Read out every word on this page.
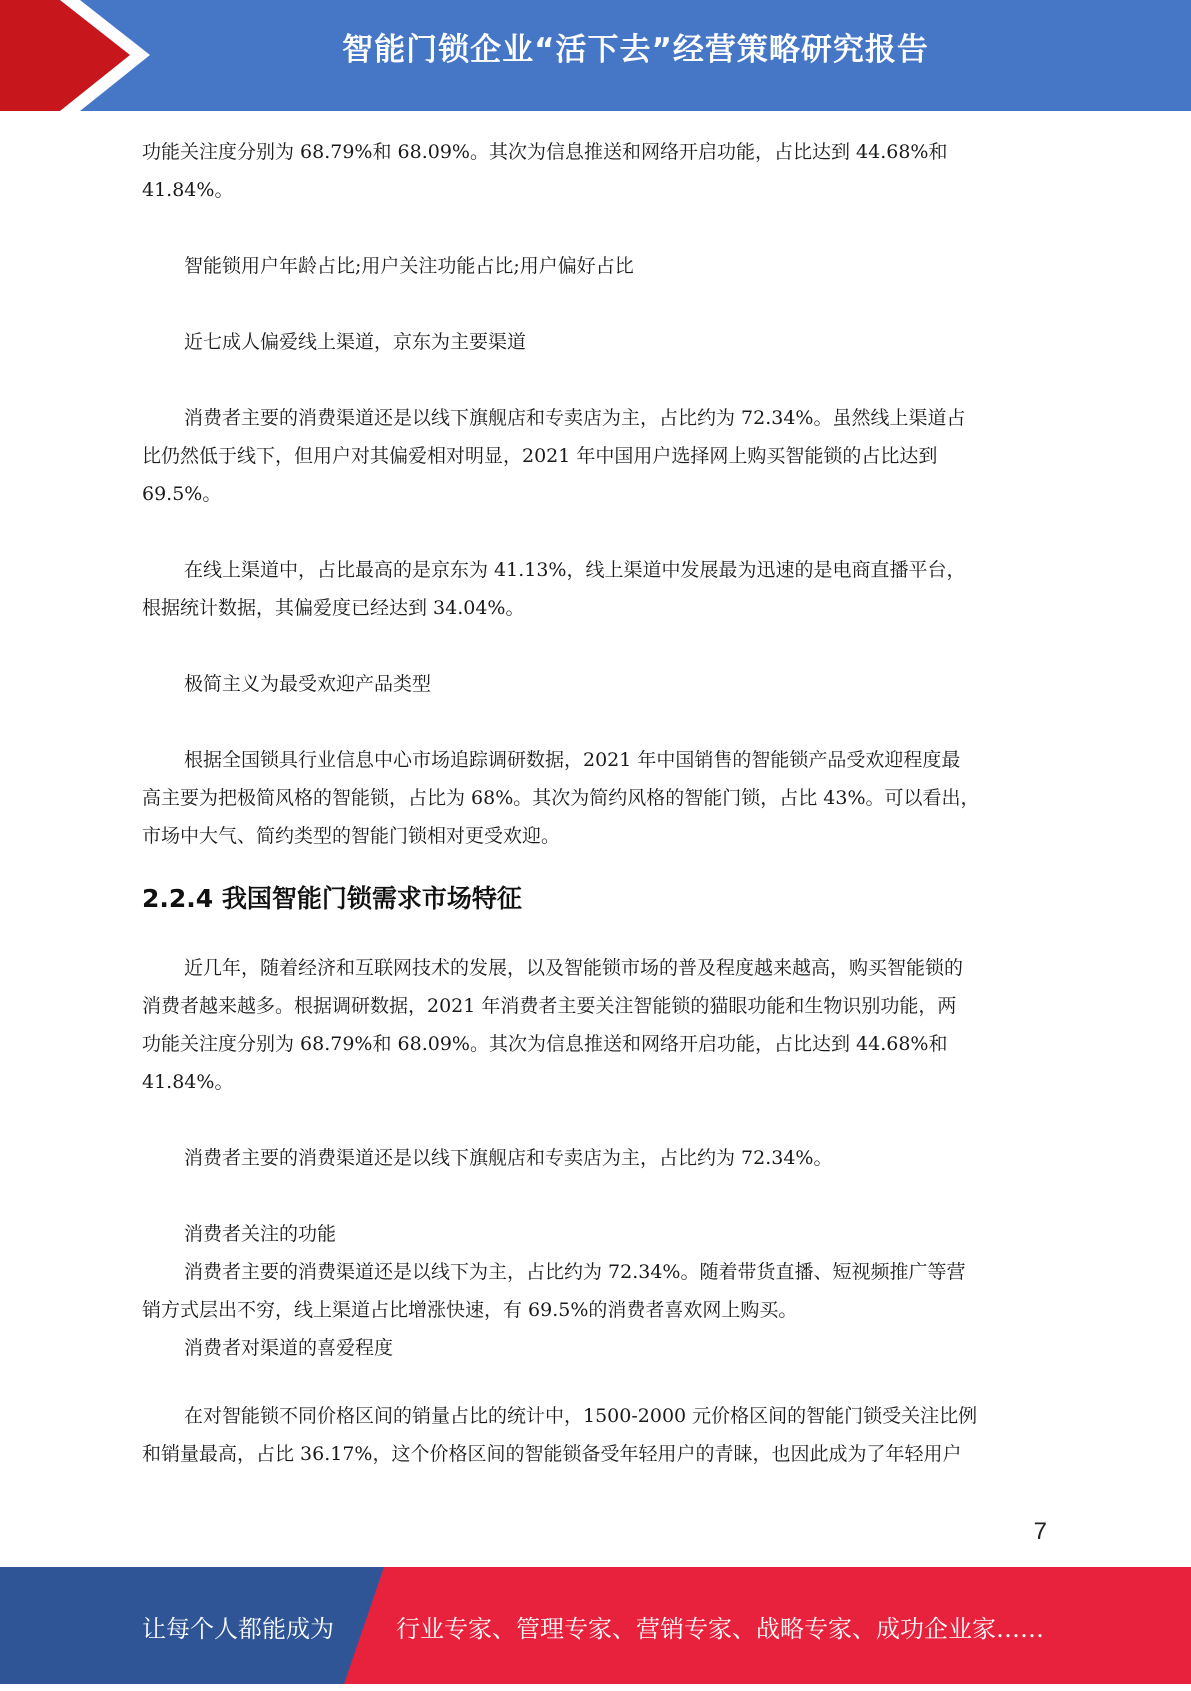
智能门锁企业“活下去”经营策略研究报告

功能关注度分别为 68.79%和 68.09%。其次为信息推送和网络开启功能，占比达到 44.68%和

41.84%。

智能锁用户年龄占比;用户关注功能占比;用户偏好占比

近七成人偏爱线上渠道，京东为主要渠道

消费者主要的消费渠道还是以线下旗舰店和专卖店为主，占比约为 72.34%。虽然线上渠道占

比仍然低于线下，但用户对其偏爱相对明显，2021 年中国用户选择网上购买智能锁的占比达到

69.5%。

在线上渠道中，占比最高的是京东为 41.13%，线上渠道中发展最为迅速的是电商直播平台，

根据统计数据，其偏爱度已经达到 34.04%。

极简主义为最受欢迎产品类型

根据全国锁具行业信息中心市场追踪调研数据，2021 年中国销售的智能锁产品受欢迎程度最

高主要为把极简风格的智能锁，占比为 68%。其次为简约风格的智能门锁，占比 43%。可以看出，

市场中大气、简约类型的智能门锁相对更受欢迎。

2.2.4 我国智能门锁需求市场特征

近几年，随着经济和互联网技术的发展，以及智能锁市场的普及程度越来越高，购买智能锁的

消费者越来越多。根据调研数据，2021 年消费者主要关注智能锁的猫眼功能和生物识别功能，两

功能关注度分别为 68.79%和 68.09%。其次为信息推送和网络开启功能，占比达到 44.68%和

41.84%。

消费者主要的消费渠道还是以线下旗舰店和专卖店为主，占比约为 72.34%。

消费者关注的功能

消费者主要的消费渠道还是以线下为主，占比约为 72.34%。随着带货直播、短视频推广等营

销方式层出不穷，线上渠道占比增涨快速，有 69.5%的消费者喜欢网上购买。

消费者对渠道的喜爱程度

在对智能锁不同价格区间的销量占比的统计中，1500-2000 元价格区间的智能门锁受关注比例

和销量最高，占比 36.17%，这个价格区间的智能锁备受年轻用户的青睐，也因此成为了年轻用户

7
让每个人都能成为	行业专家、管理专家、营销专家、战略专家、成功企业家……
